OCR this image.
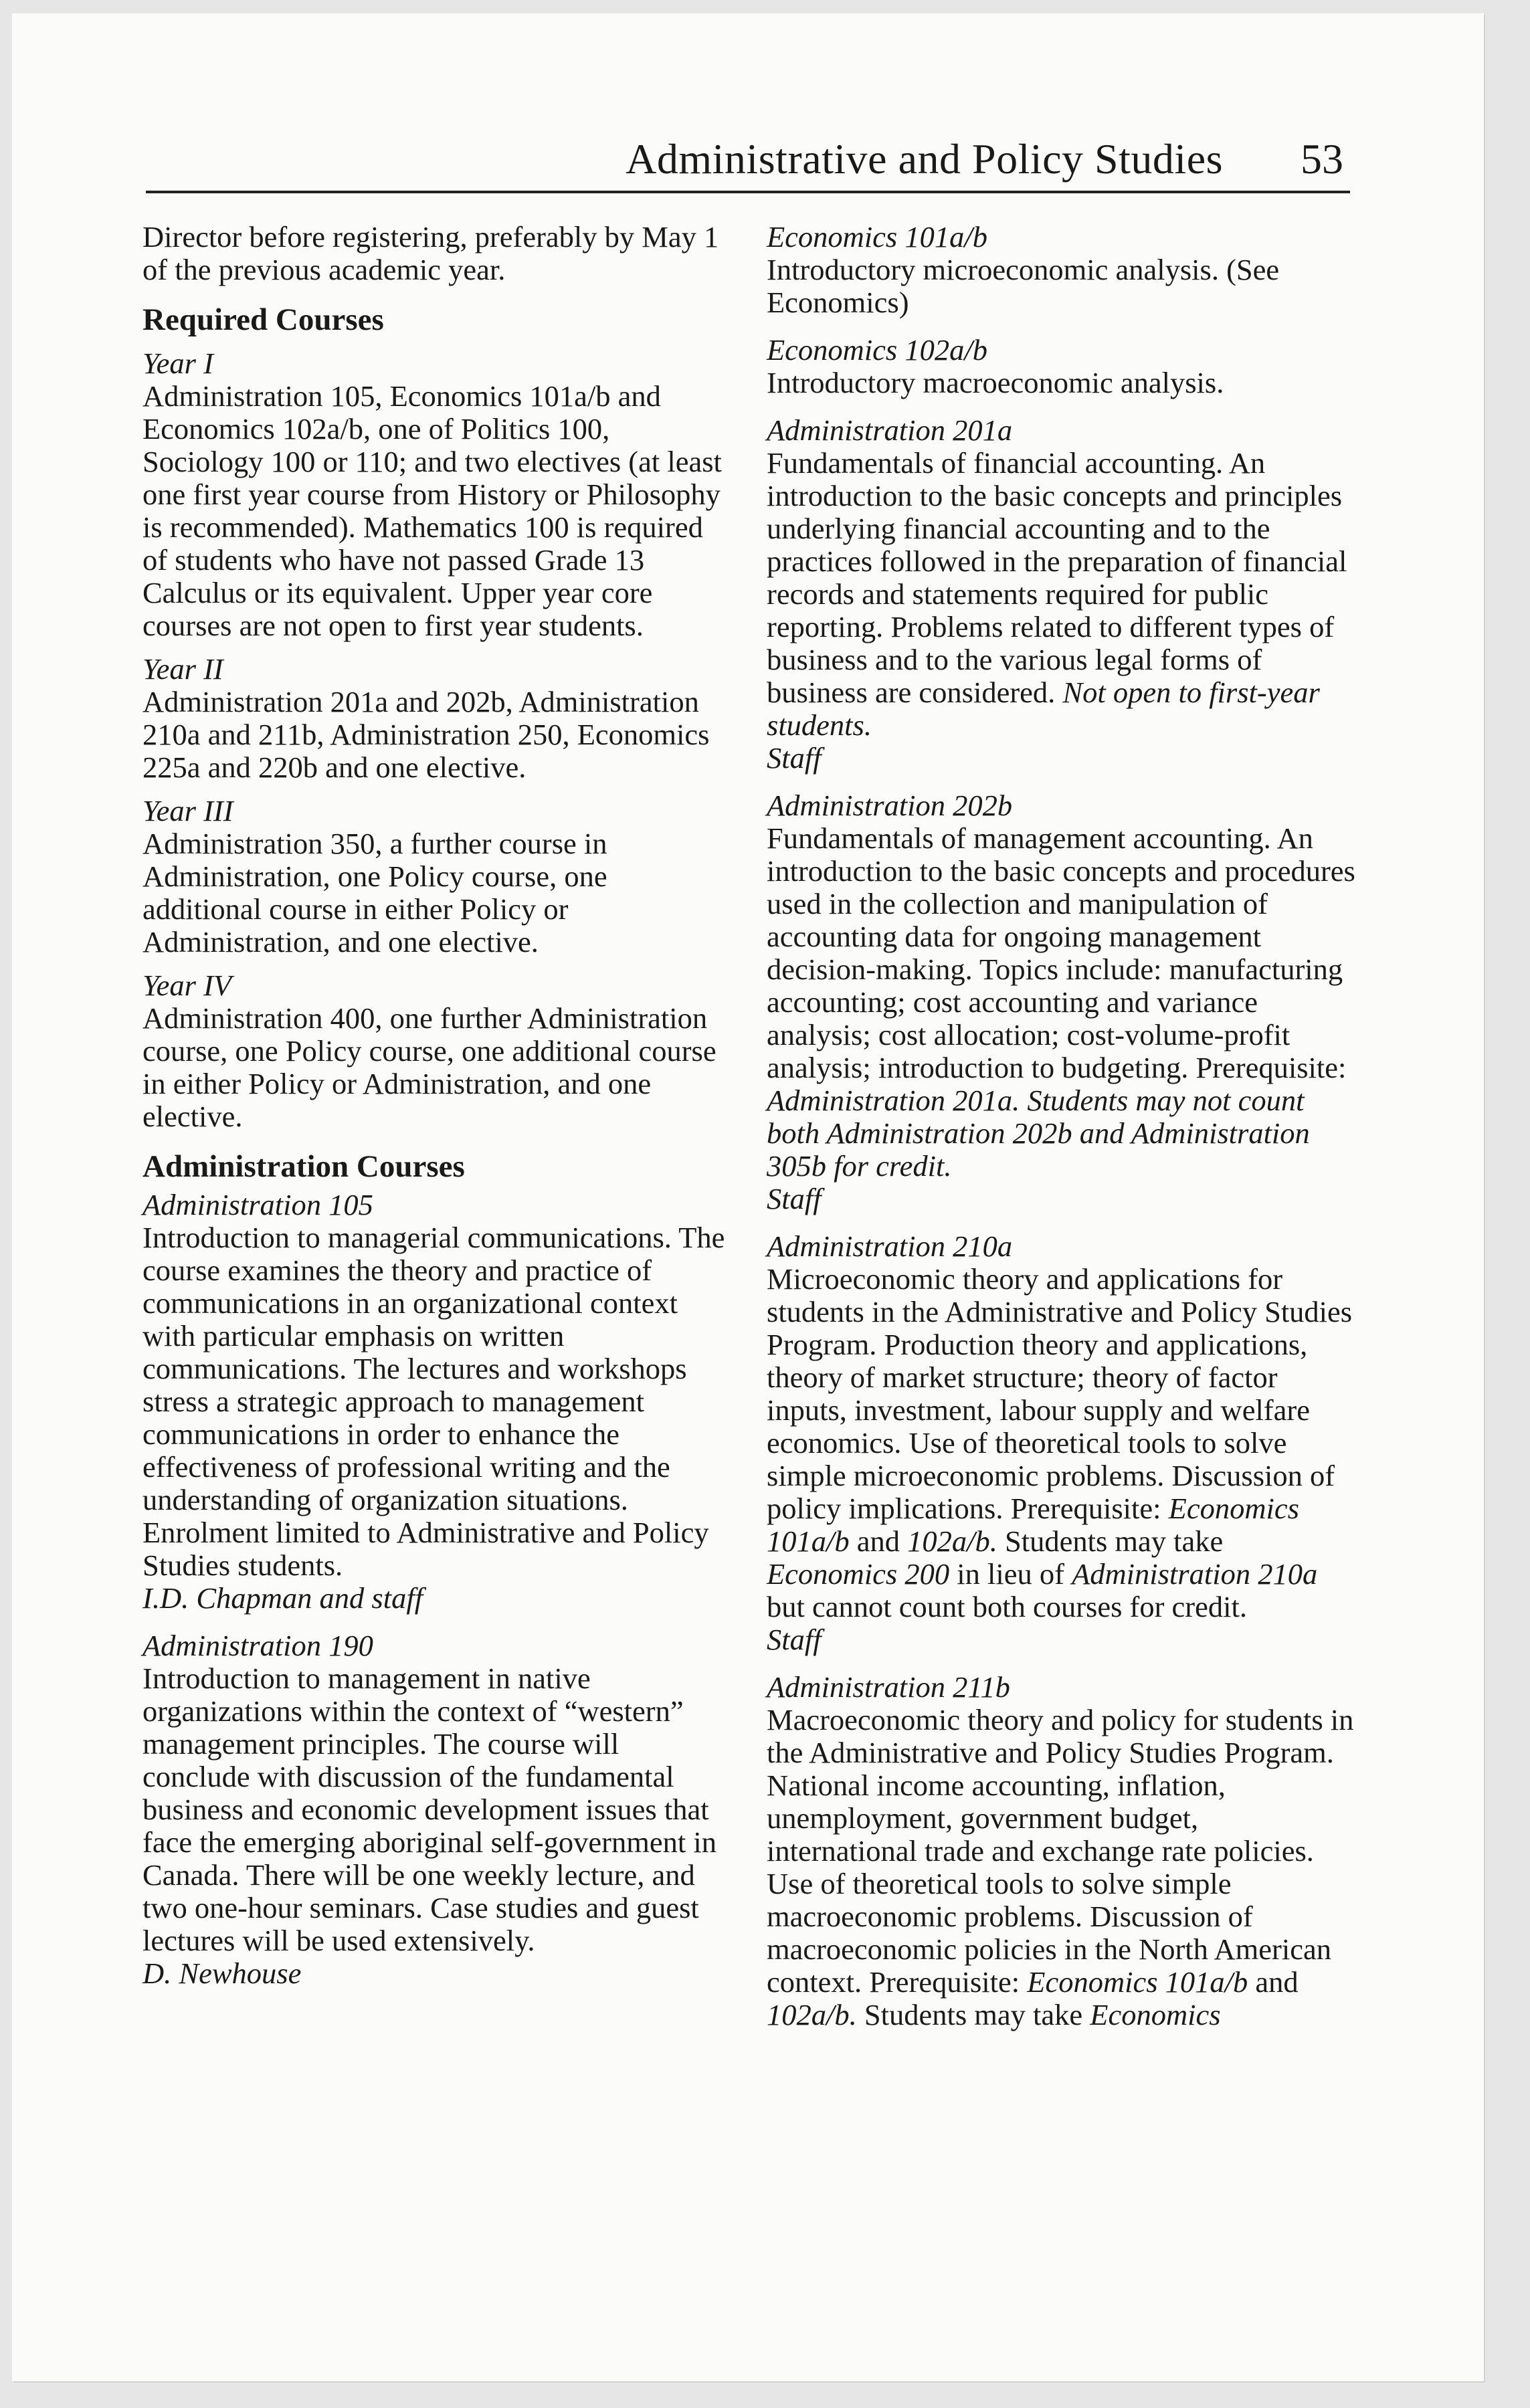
Administrative and Policy Studies 53

Director before registering, preferably by May 1 of the previous academic year.

Required Courses
Year I
Administration 105, Economics 101a/b and Economics 102a/b, one of Politics 100, Sociology 100 or 110; and two electives (at least one first year course from History or Philosophy is recommended). Mathematics 100 is required of students who have not passed Grade 13 Calculus or its equivalent. Upper year core courses are not open to first year students.
Year II
Administration 201a and 202b, Administration 210a and 211b, Administration 250, Economics 225a and 220b and one elective.
Year III
Administration 350, a further course in Administration, one Policy course, one additional course in either Policy or Administration, and one elective.
Year IV
Administration 400, one further Administration course, one Policy course, one additional course in either Policy or Administration, and one elective.
Administration Courses
Administration 105
Introduction to managerial communications. The course examines the theory and practice of communications in an organizational context with particular emphasis on written communications. The lectures and workshops stress a strategic approach to management communications in order to enhance the effectiveness of professional writing and the understanding of organization situations. Enrolment limited to Administrative and Policy Studies students.
I.D. Chapman and staff
Administration 190
Introduction to management in native organizations within the context of “western” management principles. The course will conclude with discussion of the fundamental business and economic development issues that face the emerging aboriginal self-government in Canada. There will be one weekly lecture, and two one-hour seminars. Case studies and guest lectures will be used extensively.
D. Newhouse
Economics 101a/b
Introductory microeconomic analysis. (See Economics)
Economics 102a/b
Introductory macroeconomic analysis.
Administration 201a
Fundamentals of financial accounting. An introduction to the basic concepts and principles underlying financial accounting and to the practices followed in the preparation of financial records and statements required for public reporting. Problems related to different types of business and to the various legal forms of business are considered. Not open to first-year students.
Staff
Administration 202b
Fundamentals of management accounting. An introduction to the basic concepts and procedures used in the collection and manipulation of accounting data for ongoing management decision-making. Topics include: manufacturing accounting; cost accounting and variance analysis; cost allocation; cost-volume-profit analysis; introduction to budgeting. Prerequisite: Administration 201a. Students may not count both Administration 202b and Administration 305b for credit.
Staff
Administration 210a
Microeconomic theory and applications for students in the Administrative and Policy Studies Program. Production theory and applications, theory of market structure; theory of factor inputs, investment, labour supply and welfare economics. Use of theoretical tools to solve simple microeconomic problems. Discussion of policy implications. Prerequisite: Economics 101a/b and 102a/b. Students may take Economics 200 in lieu of Administration 210a but cannot count both courses for credit.
Staff
Administration 211b
Macroeconomic theory and policy for students in the Administrative and Policy Studies Program. National income accounting, inflation, unemployment, government budget, international trade and exchange rate policies. Use of theoretical tools to solve simple macroeconomic problems. Discussion of macroeconomic policies in the North American context. Prerequisite: Economics 101a/b and 102a/b. Students may take Economics
